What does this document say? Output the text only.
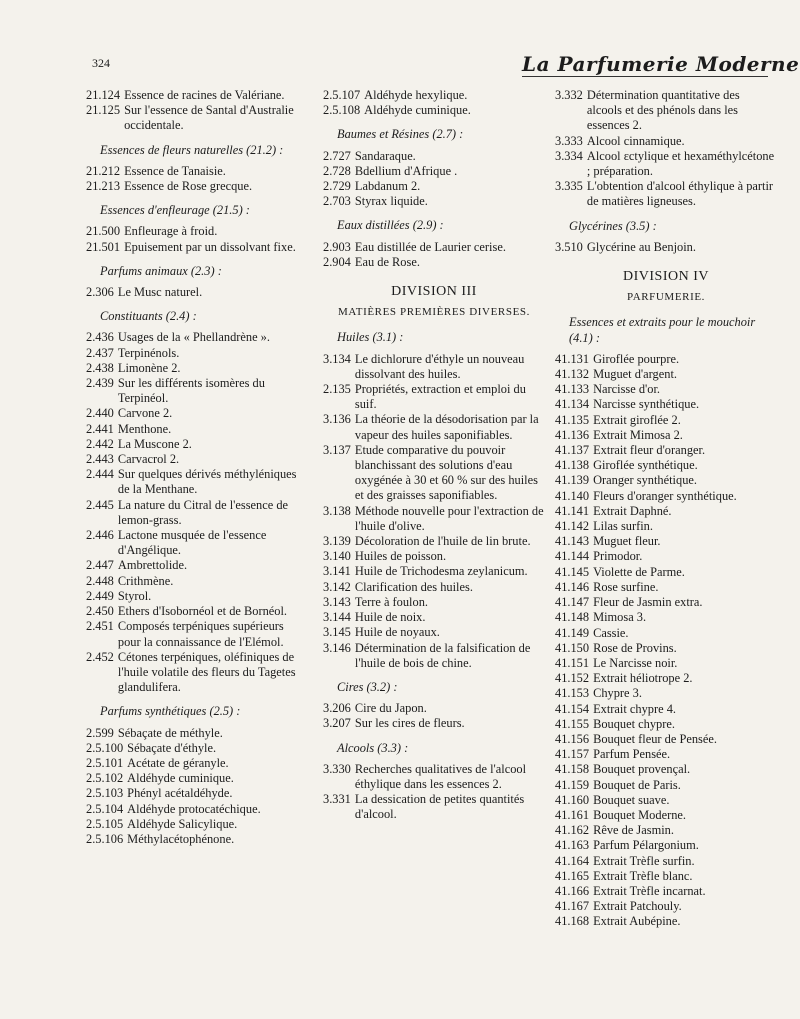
324	La Parfumerie Moderne
21.124 Essence de racines de Valériane.
21.125 Sur l'essence de Santal d'Australie occidentale.
Essences de fleurs naturelles (21.2) :
21.212 Essence de Tanaisie.
21.213 Essence de Rose grecque.
Essences d'enfleurage (21.5) :
21.500 Enfleurage à froid.
21.501 Epuisement par un dissolvant fixe.
Parfums animaux (2.3) :
2.306 Le Musc naturel.
Constituants (2.4) :
2.436 Usages de la « Phellandrène ».
2.437 Terpinénols.
2.438 Limonène 2.
2.439 Sur les différents isomères du Terpinéol.
2.440 Carvone 2.
2.441 Menthone.
2.442 La Muscone 2.
2.443 Carvacrol 2.
2.444 Sur quelques dérivés méthyléniques de la Menthane.
2.445 La nature du Citral de l'essence de lemon-grass.
2.446 Lactone musquée de l'essence d'Angélique.
2.447 Ambrettolide.
2.448 Crithmène.
2.449 Styrol.
2.450 Ethers d'Isobornéol et de Bornéol.
2.451 Composés terpéniques supérieurs pour la connaissance de l'Elémol.
2.452 Cétones terpéniques, oléfiniques de l'huile volatile des fleurs du Tagetes glandulifera.
Parfums synthétiques (2.5) :
2.599 Sébaçate de méthyle.
2.5.100 Sébaçate d'éthyle.
2.5.101 Acétate de géranyle.
2.5.102 Aldéhyde cuminique.
2.5.103 Phényl acétaldéhyde.
2.5.104 Aldéhyde protocatéchique.
2.5.105 Aldéhyde Salicylique.
2.5.106 Méthylacétophénone.
2.5.107 Aldéhyde hexylique.
2.5.108 Aldéhyde cuminique.
Baumes et Résines (2.7) :
2.727 Sandaraque.
2.728 Bdellium d'Afrique .
2.729 Labdanum 2.
2.703 Styrax liquide.
Eaux distillées (2.9) :
2.903 Eau distillée de Laurier cerise.
2.904 Eau de Rose.
DIVISION III
MATIÈRES PREMIÈRES DIVERSES.
Huiles (3.1) :
3.134 Le dichlorure d'éthyle un nouveau dissolvant des huiles.
2.135 Propriétés, extraction et emploi du suif.
3.136 La théorie de la désodorisation par la vapeur des huiles saponifiables.
3.137 Etude comparative du pouvoir blanchissant des solutions d'eau oxygénée à 30 et 60 % sur des huiles et des graisses saponifiables.
3.138 Méthode nouvelle pour l'extraction de l'huile d'olive.
3.139 Décoloration de l'huile de lin brute.
3.140 Huiles de poisson.
3.141 Huile de Trichodesma zeylanicum.
3.142 Clarification des huiles.
3.143 Terre à foulon.
3.144 Huile de noix.
3.145 Huile de noyaux.
3.146 Détermination de la falsification de l'huile de bois de chine.
Cires (3.2) :
3.206 Cire du Japon.
3.207 Sur les cires de fleurs.
Alcools (3.3) :
3.330 Recherches qualitatives de l'alcool éthylique dans les essences 2.
3.331 La dessication de petites quantités d'alcool.
3.332 Détermination quantitative des alcools et des phénols dans les essences 2.
3.333 Alcool cinnamique.
3.334 Alcool ɛctylique et hexaméthylcétone ; préparation.
3.335 L'obtention d'alcool éthylique à partir de matières ligneuses.
Glycérines (3.5) :
3.510 Glycérine au Benjoin.
DIVISION IV
PARFUMERIE.
Essences et extraits pour le mouchoir (4.1) :
41.131 Giroflée pourpre.
41.132 Muguet d'argent.
41.133 Narcisse d'or.
41.134 Narcisse synthétique.
41.135 Extrait giroflée 2.
41.136 Extrait Mimosa 2.
41.137 Extrait fleur d'oranger.
41.138 Giroflée synthétique.
41.139 Oranger synthétique.
41.140 Fleurs d'oranger synthétique.
41.141 Extrait Daphné.
41.142 Lilas surfin.
41.143 Muguet fleur.
41.144 Primodor.
41.145 Violette de Parme.
41.146 Rose surfine.
41.147 Fleur de Jasmin extra.
41.148 Mimosa 3.
41.149 Cassie.
41.150 Rose de Provins.
41.151 Le Narcisse noir.
41.152 Extrait héliotrope 2.
41.153 Chypre 3.
41.154 Extrait chypre 4.
41.155 Bouquet chypre.
41.156 Bouquet fleur de Pensée.
41.157 Parfum Pensée.
41.158 Bouquet provençal.
41.159 Bouquet de Paris.
41.160 Bouquet suave.
41.161 Bouquet Moderne.
41.162 Rêve de Jasmin.
41.163 Parfum Pélargonium.
41.164 Extrait Trèfle surfin.
41.165 Extrait Trèfle blanc.
41.166 Extrait Trèfle incarnat.
41.167 Extrait Patchouly.
41.168 Extrait Aubépine.
